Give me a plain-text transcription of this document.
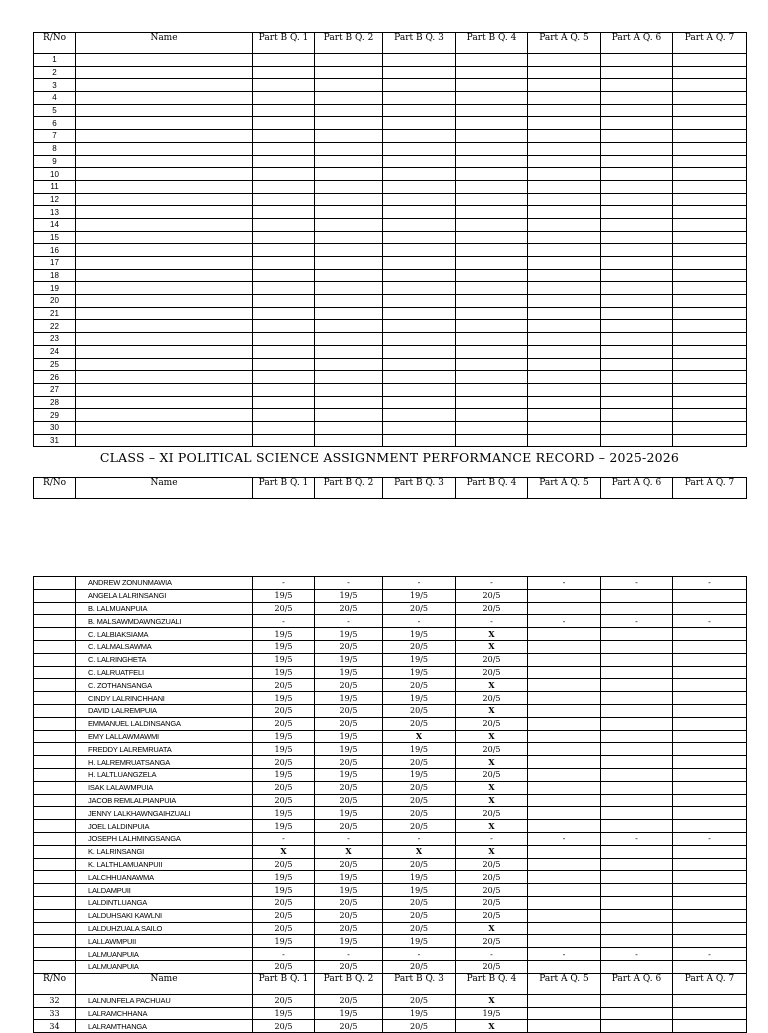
R/No	Name	Part B Q. 1	Part B Q. 2	Part B Q. 3	Part B Q. 4	Part A Q. 5	Part A Q. 6	Part A Q. 7
1								
2								
3								
4								
5								
6								
7								
8								
9								
10								
11								
12								
13								
14								
15								
16								
17								
18								
19								
20								
21								
22								
23								
24								
25								
26								
27								
28								
29								
30								
31								
CLASS – XI POLITICAL SCIENCE ASSIGNMENT PERFORMANCE RECORD – 2025-2026
R/No	Name	Part B Q. 1	Part B Q. 2	Part B Q. 3	Part B Q. 4	Part A Q. 5	Part A Q. 6	Part A Q. 7
	ANDREW ZONUNMAWIA	-	-	-	-	-	-	-
	ANGELA LALRINSANGI	19/5	19/5	19/5	20/5			
	B. LALMUANPUIA	20/5	20/5	20/5	20/5			
	B. MALSAWMDAWNGZUALI	-	-	-	-	-	-	-
	C. LALBIAKSIAMA	19/5	19/5	19/5	X			
	C. LALMALSAWMA	19/5	20/5	20/5	X			
	C. LALRINGHETA	19/5	19/5	19/5	20/5			
	C. LALRUATFELI	19/5	19/5	19/5	20/5			
	C. ZOTHANSANGA	20/5	20/5	20/5	X			
	CINDY LALRINCHHANI	19/5	19/5	19/5	20/5			
	DAVID LALREMPUIA	20/5	20/5	20/5	X			
	EMMANUEL LALDINSANGA	20/5	20/5	20/5	20/5			
	EMY LALLAWMAWMI	19/5	19/5	X	X			
	FREDDY LALREMRUATA	19/5	19/5	19/5	20/5			
	H. LALREMRUATSANGA	20/5	20/5	20/5	X			
	H. LALTLUANGZELA	19/5	19/5	19/5	20/5			
	ISAK LALAWMPUIA	20/5	20/5	20/5	X			
	JACOB REMLALPIANPUIA	20/5	20/5	20/5	X			
	JENNY LALKHAWNGAIHZUALI	19/5	19/5	20/5	20/5			
	JOEL LALDINPUIA	19/5	20/5	20/5	X			
	JOSEPH LALHMINGSANGA	-	-	-	-	-	-	-
	K. LALRINSANGI	X	X	X	X			
	K. LALTHLAMUANPUII	20/5	20/5	20/5	20/5			
	LALCHHUANAWMA	19/5	19/5	19/5	20/5			
	LALDAMPUII	19/5	19/5	19/5	20/5			
	LALDINTLUANGA	20/5	20/5	20/5	20/5			
	LALDUHSAKI KAWLNI	20/5	20/5	20/5	20/5			
	LALDUHZUALA SAILO	20/5	20/5	20/5	X			
	LALLAWMPUII	19/5	19/5	19/5	20/5			
	LALMUANPUIA	-	-	-	-	-	-	-
	LALMUANPUIA	20/5	20/5	20/5	20/5			
R/No	Name	Part B Q. 1	Part B Q. 2	Part B Q. 3	Part B Q. 4	Part A Q. 5	Part A Q. 6	Part A Q. 7
32	LALNUNFELA PACHUAU	20/5	20/5	20/5	X			
33	LALRAMCHHANA	19/5	19/5	19/5	19/5			
34	LALRAMTHANGA	20/5	20/5	20/5	X			
